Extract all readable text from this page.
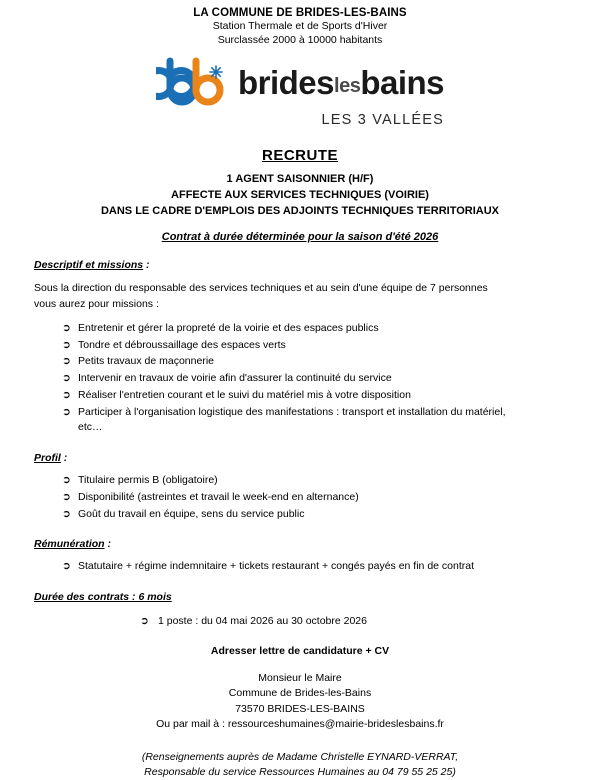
LA COMMUNE DE BRIDES-LES-BAINS
Station Thermale et de Sports d'Hiver
Surclassée 2000 à 10000 habitants
brideslesbains
LES 3 VALLÉES
RECRUTE
1 AGENT SAISONNIER (H/F)
AFFECTE AUX SERVICES TECHNIQUES (VOIRIE)
DANS LE CADRE D'EMPLOIS DES ADJOINTS TECHNIQUES TERRITORIAUX
Contrat à durée déterminée pour la saison d'été 2026
Descriptif et missions :
Sous la direction du responsable des services techniques et au sein d'une équipe de 7 personnes
vous aurez pour missions :
➲ Entretenir et gérer la propreté de la voirie et des espaces publics
➲ Tondre et débroussaillage des espaces verts
➲ Petits travaux de maçonnerie
➲ Intervenir en travaux de voirie afin d'assurer la continuité du service
➲ Réaliser l'entretien courant et le suivi du matériel mis à votre disposition
➲ Participer à l'organisation logistique des manifestations : transport et installation du matériel,
etc…
Profil :
➲ Titulaire permis B (obligatoire)
➲ Disponibilité (astreintes et travail le week-end en alternance)
➲ Goût du travail en équipe, sens du service public
Rémunération :
➲ Statutaire + régime indemnitaire + tickets restaurant + congés payés en fin de contrat
Durée des contrats : 6 mois
➲ 1 poste : du 04 mai 2026 au 30 octobre 2026
Adresser lettre de candidature + CV
Monsieur le Maire
Commune de Brides-les-Bains
73570 BRIDES-LES-BAINS
Ou par mail à : ressourceshumaines@mairie-brideslesbains.fr
(Renseignements auprès de Madame Christelle EYNARD-VERRAT,
Responsable du service Ressources Humaines au 04 79 55 25 25)
